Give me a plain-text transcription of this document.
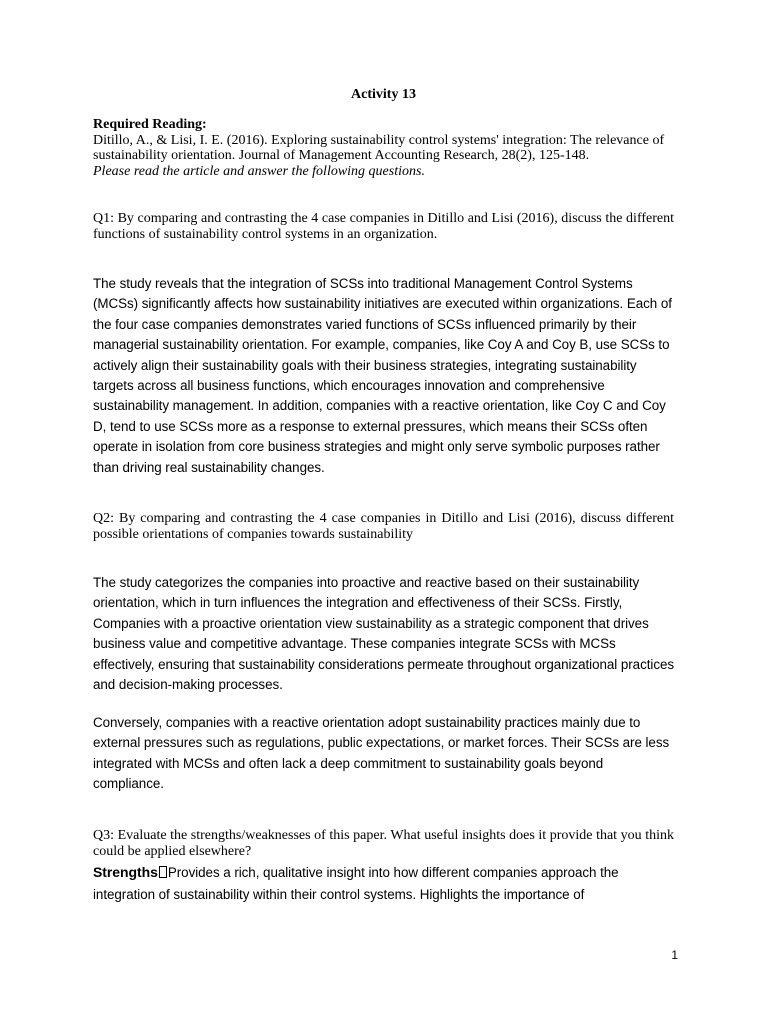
Activity 13
Required Reading:
Ditillo, A., & Lisi, I. E. (2016). Exploring sustainability control systems' integration: The relevance of sustainability orientation. Journal of Management Accounting Research, 28(2), 125-148.
Please read the article and answer the following questions.
Q1: By comparing and contrasting the 4 case companies in Ditillo and Lisi (2016), discuss the different functions of sustainability control systems in an organization.

The study reveals that the integration of SCSs into traditional Management Control Systems (MCSs) significantly affects how sustainability initiatives are executed within organizations. Each of the four case companies demonstrates varied functions of SCSs influenced primarily by their managerial sustainability orientation. For example, companies, like Coy A and Coy B, use SCSs to actively align their sustainability goals with their business strategies, integrating sustainability targets across all business functions, which encourages innovation and comprehensive sustainability management. In addition, companies with a reactive orientation, like Coy C and Coy D, tend to use SCSs more as a response to external pressures, which means their SCSs often operate in isolation from core business strategies and might only serve symbolic purposes rather than driving real sustainability changes.

Q2: By comparing and contrasting the 4 case companies in Ditillo and Lisi (2016), discuss different possible orientations of companies towards sustainability

The study categorizes the companies into proactive and reactive based on their sustainability orientation, which in turn influences the integration and effectiveness of their SCSs. Firstly, Companies with a proactive orientation view sustainability as a strategic component that drives business value and competitive advantage. These companies integrate SCSs with MCSs effectively, ensuring that sustainability considerations permeate throughout organizational practices and decision-making processes.

Conversely, companies with a reactive orientation adopt sustainability practices mainly due to external pressures such as regulations, public expectations, or market forces. Their SCSs are less integrated with MCSs and often lack a deep commitment to sustainability goals beyond compliance.

Q3: Evaluate the strengths/weaknesses of this paper. What useful insights does it provide that you think could be applied elsewhere?
Strengths Provides a rich, qualitative insight into how different companies approach the integration of sustainability within their control systems. Highlights the importance of
1
